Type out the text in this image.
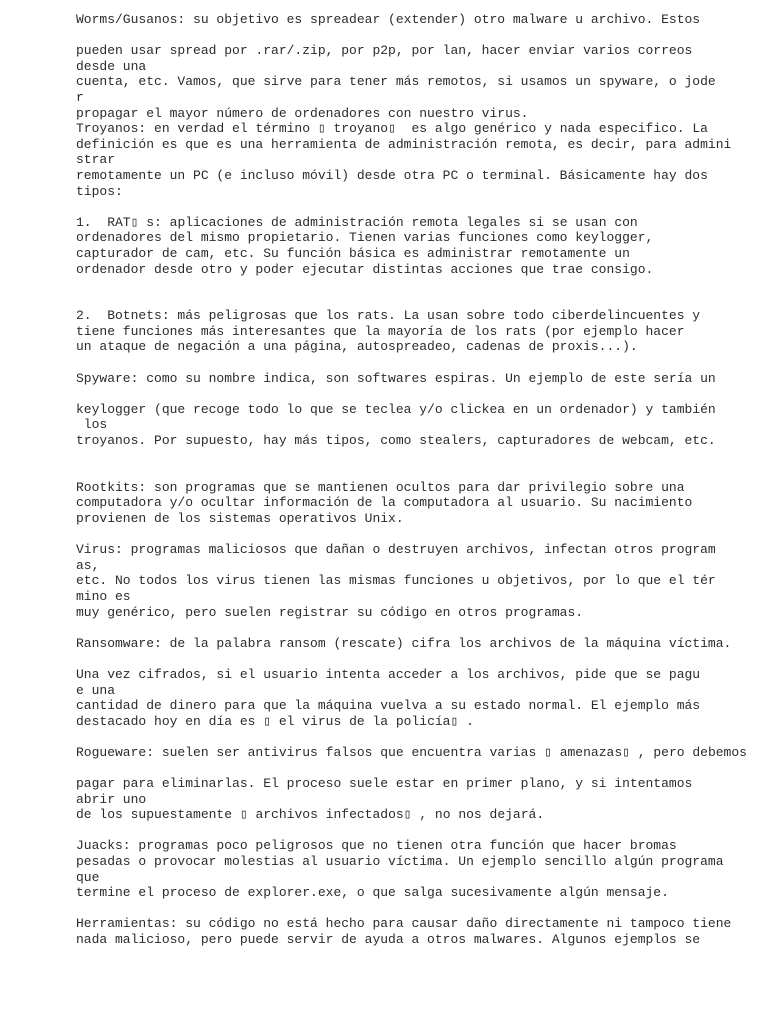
Worms/Gusanos: su objetivo es spreadear (extender) otro malware u archivo. Estos
pueden usar spread por .rar/.zip, por p2p, por lan, hacer enviar varios correos
desde una
cuenta, etc. Vamos, que sirve para tener más remotos, si usamos un spyware, o jode
r
propagar el mayor número de ordenadores con nuestro virus.
Troyanos: en verdad el término ▯ troyano▯  es algo genérico y nada especifico. La
definición es que es una herramienta de administración remota, es decir, para admini
strar
remotamente un PC (e incluso móvil) desde otra PC o terminal. Básicamente hay dos
tipos:
1.  RAT▯ s: aplicaciones de administración remota legales si se usan con
ordenadores del mismo propietario. Tienen varias funciones como keylogger,
capturador de cam, etc. Su función básica es administrar remotamente un
ordenador desde otro y poder ejecutar distintas acciones que trae consigo.
2.  Botnets: más peligrosas que los rats. La usan sobre todo ciberdelincuentes y
tiene funciones más interesantes que la mayoría de los rats (por ejemplo hacer
un ataque de negación a una página, autospreadeo, cadenas de proxis...).
Spyware: como su nombre indica, son softwares espiras. Un ejemplo de este sería un
keylogger (que recoge todo lo que se teclea y/o clickea en un ordenador) y también
los
troyanos. Por supuesto, hay más tipos, como stealers, capturadores de webcam, etc.
Rootkits: son programas que se mantienen ocultos para dar privilegio sobre una
computadora y/o ocultar información de la computadora al usuario. Su nacimiento
provienen de los sistemas operativos Unix.
Virus: programas maliciosos que dañan o destruyen archivos, infectan otros program
as,
etc. No todos los virus tienen las mismas funciones u objetivos, por lo que el tér
mino es
muy genérico, pero suelen registrar su código en otros programas.
Ransomware: de la palabra ransom (rescate) cifra los archivos de la máquina víctima.
Una vez cifrados, si el usuario intenta acceder a los archivos, pide que se pagu
e una
cantidad de dinero para que la máquina vuelva a su estado normal. El ejemplo más
destacado hoy en día es ▯ el virus de la policía▯ .
Rogueware: suelen ser antivirus falsos que encuentra varias ▯ amenazas▯ , pero debemos
pagar para eliminarlas. El proceso suele estar en primer plano, y si intentamos
abrir uno
de los supuestamente ▯ archivos infectados▯ , no nos dejará.
Juacks: programas poco peligrosos que no tienen otra función que hacer bromas
pesadas o provocar molestias al usuario víctima. Un ejemplo sencillo algún programa
que
termine el proceso de explorer.exe, o que salga sucesivamente algún mensaje.
Herramientas: su código no está hecho para causar daño directamente ni tampoco tiene
nada malicioso, pero puede servir de ayuda a otros malwares. Algunos ejemplos se
